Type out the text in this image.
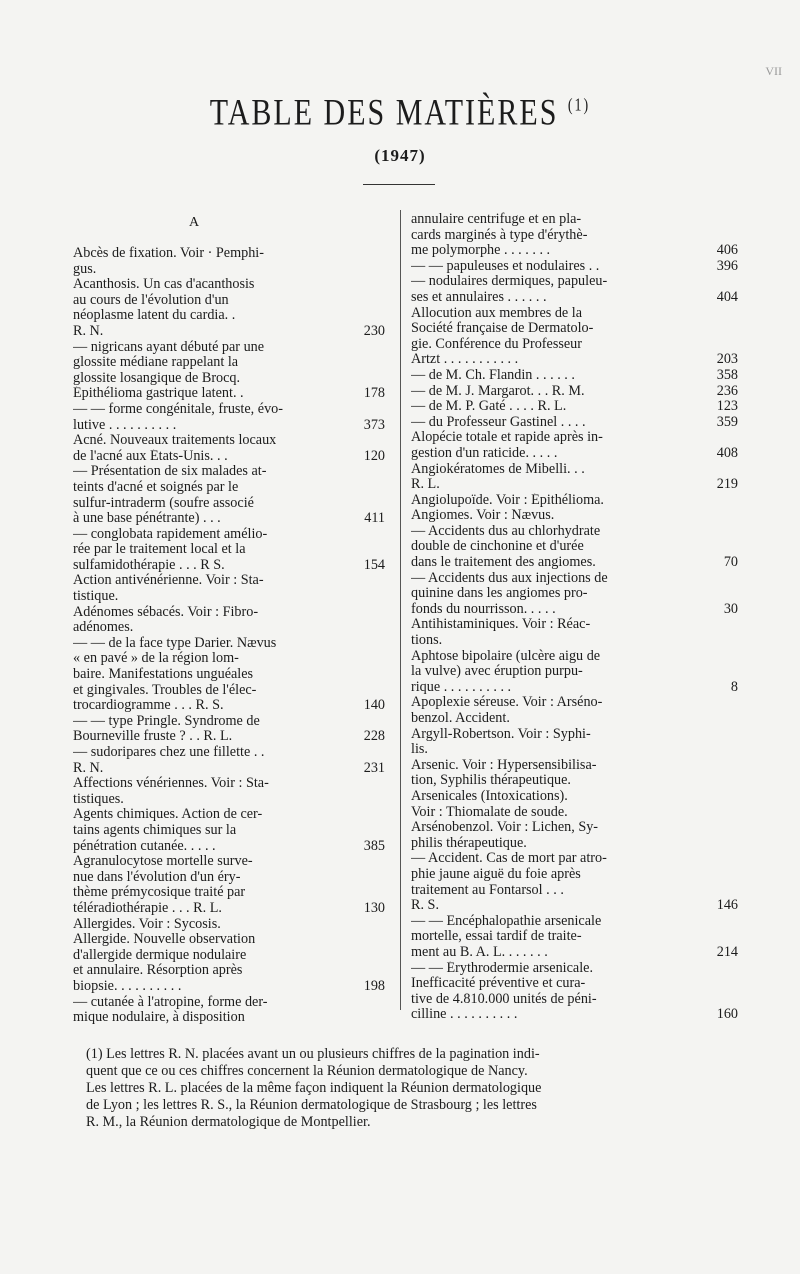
VII
TABLE DES MATIÈRES $^{(1)}$
(1947)
A
Abcès de fixation. Voir · Pemphi-
gus.
Acanthosis. Un cas d'acanthosis
au cours de l'évolution d'un
néoplasme latent du cardia. .
R. N.	230
— nigricans ayant débuté par une
glossite médiane rappelant la
glossite losangique de Brocq.
Épithélioma gastrique latent. .	178
— — forme congénitale, fruste, évo-
lutive . . . . . . . . . .	373
Acné. Nouveaux traitements locaux
de l'acné aux États-Unis. . .	120
— Présentation de six malades at-
teints d'acné et soignés par le
sulfur-intraderm (soufre associé
à une base pénétrante) . . .	411
— conglobata rapidement amélio-
rée par le traitement local et la
sulfamidothérapie . . . R S.	154
Action antivénérienne. Voir : Sta-
tistique.
Adénomes sébacés. Voir : Fibro-
adénomes.
— — de la face type Darier. Nævus
« en pavé » de la région lom-
baire. Manifestations unguéales
et gingivales. Troubles de l'élec-
trocardiogramme . . . R. S.	140
— — type Pringle. Syndrome de
Bourneville fruste ? . . R. L.	228
— sudoripares chez une fillette . .
R. N.	231
Affections vénériennes. Voir : Sta-
tistiques.
Agents chimiques. Action de cer-
tains agents chimiques sur la
pénétration cutanée. . . . .	385
Agranulocytose mortelle surve-
nue dans l'évolution d'un éry-
thème prémycosique traité par
téléradiothérapie . . . R. L.	130
Allergides. Voir : Sycosis.
Allergide. Nouvelle observation
d'allergide dermique nodulaire
et annulaire. Résorption après
biopsie. . . . . . . . . .	198
— cutanée à l'atropine, forme der-
mique nodulaire, à disposition
annulaire centrifuge et en pla-
cards marginés à type d'érythè-
me polymorphe . . . . . . .	406
— — papuleuses et nodulaires . .	396
— nodulaires dermiques, papuleu-
ses et annulaires . . . . . .	404
Allocution aux membres de la
Société française de Dermatolo-
gie. Conférence du Professeur
Artzt . . . . . . . . . . .	203
— de M. Ch. Flandin . . . . . .	358
— de M. J. Margarot. . . R. M.	236
— de M. P. Gaté . . . . R. L.	123
— du Professeur Gastinel . . . .	359
Alopécie totale et rapide après in-
gestion d'un raticide. . . . .	408
Angiokératomes de Mibelli. . .
R. L.	219
Angiolupoïde. Voir : Épithélioma.
Angiomes. Voir : Nævus.
— Accidents dus au chlorhydrate
double de cinchonine et d'urée
dans le traitement des angiomes.	70
— Accidents dus aux injections de
quinine dans les angiomes pro-
fonds du nourrisson. . . . .	30
Antihistaminiques. Voir : Réac-
tions.
Aphtose bipolaire (ulcère aigu de
la vulve) avec éruption purpu-
rique . . . . . . . . . .	8
Apoplexie séreuse. Voir : Arséno-
benzol. Accident.
Argyll-Robertson. Voir : Syphi-
lis.
Arsenic. Voir : Hypersensibilisa-
tion, Syphilis thérapeutique.
Arsenicales (Intoxications).
Voir : Thiomalate de soude.
Arsénobenzol. Voir : Lichen, Sy-
philis thérapeutique.
— Accident. Cas de mort par atro-
phie jaune aiguë du foie après
traitement au Fontarsol . . .
R. S.	146
— — Encéphalopathie arsenicale
mortelle, essai tardif de traite-
ment au B. A. L. . . . . . .	214
— — Érythrodermie arsenicale.
Inefficacité préventive et cura-
tive de 4.810.000 unités de péni-
cilline . . . . . . . . . .	160

(1) Les lettres R. N. placées avant un ou plusieurs chiffres de la pagination indi-

quent que ce ou ces chiffres concernent la Réunion dermatologique de Nancy.

Les lettres R. L. placées de la même façon indiquent la Réunion dermatologique

de Lyon ; les lettres R. S., la Réunion dermatologique de Strasbourg ; les lettres

R. M., la Réunion dermatologique de Montpellier.
